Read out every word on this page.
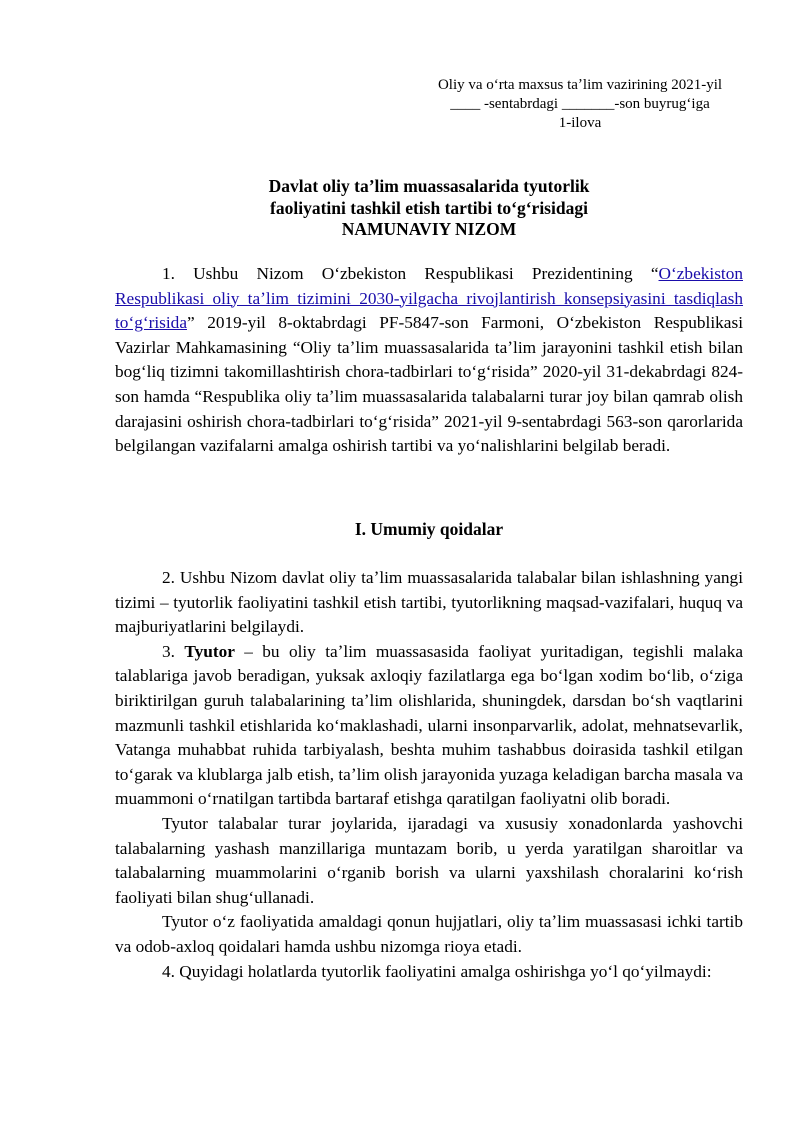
Oliy va oʻrta maxsus taʼlim vazirining 2021-yil
____ -sentabrdagi _______-son buyrugʻiga
1-ilova
Davlat oliy taʼlim muassasalarida tyutorlik
faoliyatini tashkil etish tartibi toʻgʻrisidagi
NAMUNAVIY NIZOM

1. Ushbu Nizom Oʻzbekiston Respublikasi Prezidentining “Oʻzbekiston Respublikasi oliy taʼlim tizimini 2030-yilgacha rivojlantirish konsepsiyasini tasdiqlash toʻgʻrisida” 2019-yil 8-oktabrdagi PF-5847-son Farmoni, Oʻzbekiston Respublikasi Vazirlar Mahkamasining “Oliy taʼlim muassasalarida taʼlim jarayonini tashkil etish bilan bogʻliq tizimni takomillashtirish chora-tadbirlari toʻgʻrisida” 2020-yil 31-dekabrdagi 824-son hamda “Respublika oliy taʼlim muassasalarida talabalarni turar joy bilan qamrab olish darajasini oshirish chora-tadbirlari toʻgʻrisida” 2021-yil 9-sentabrdagi 563-son qarorlarida belgilangan vazifalarni amalga oshirish tartibi va yoʻnalishlarini belgilab beradi.

I. Umumiy qoidalar

2. Ushbu Nizom davlat oliy taʼlim muassasalarida talabalar bilan ishlashning yangi tizimi – tyutorlik faoliyatini tashkil etish tartibi, tyutorlikning maqsad-vazifalari, huquq va majburiyatlarini belgilaydi.

3. Tyutor – bu oliy taʼlim muassasasida faoliyat yuritadigan, tegishli malaka talablariga javob beradigan, yuksak axloqiy fazilatlarga ega boʻlgan xodim boʻlib, oʻziga biriktirilgan guruh talabalarining taʼlim olishlarida, shuningdek, darsdan boʻsh vaqtlarini mazmunli tashkil etishlarida koʻmaklashadi, ularni insonparvarlik, adolat, mehnatsevarlik, Vatanga muhabbat ruhida tarbiyalash, beshta muhim tashabbus doirasida tashkil etilgan toʻgarak va klublarga jalb etish, taʼlim olish jarayonida yuzaga keladigan barcha masala va muammoni oʻrnatilgan tartibda bartaraf etishga qaratilgan faoliyatni olib boradi.

Tyutor talabalar turar joylarida, ijaradagi va xususiy xonadonlarda yashovchi talabalarning yashash manzillariga muntazam borib, u yerda yaratilgan sharoitlar va talabalarning muammolarini oʻrganib borish va ularni yaxshilash choralarini koʻrish faoliyati bilan shugʻullanadi.

Tyutor oʻz faoliyatida amaldagi qonun hujjatlari, oliy taʼlim muassasasi ichki tartib va odob-axloq qoidalari hamda ushbu nizomga rioya etadi.

4. Quyidagi holatlarda tyutorlik faoliyatini amalga oshirishga yoʻl qoʻyilmaydi:
